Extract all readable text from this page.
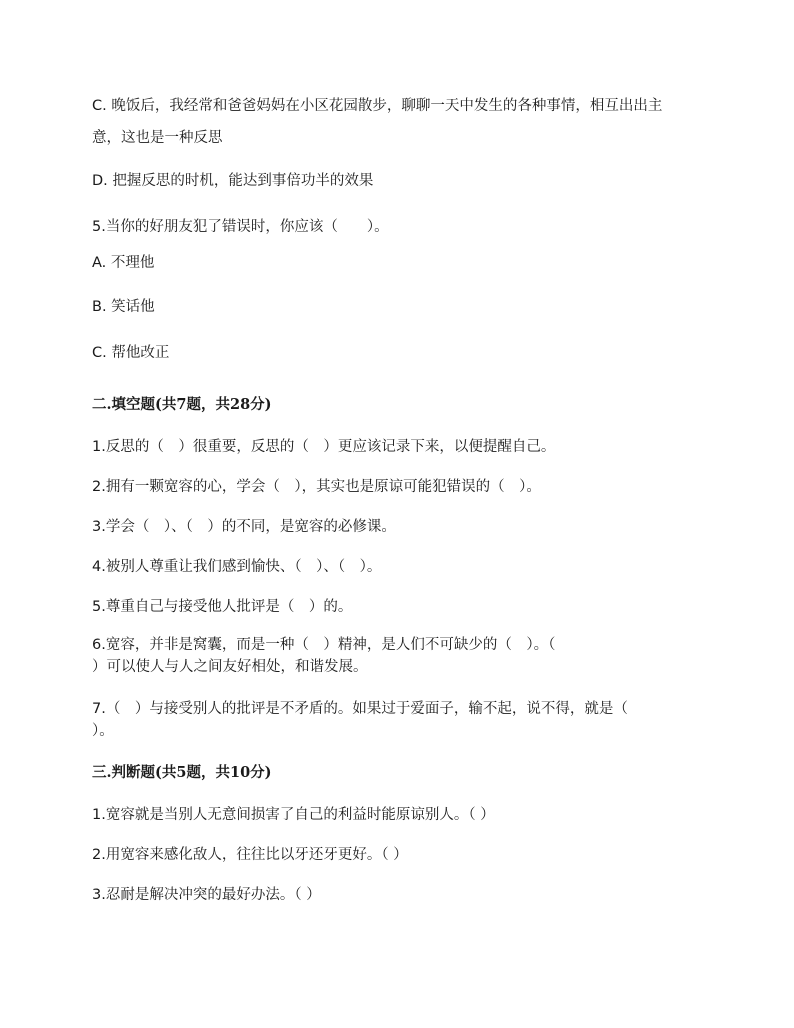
C. 晚饭后，我经常和爸爸妈妈在小区花园散步，聊聊一天中发生的各种事情，相互出出主
意，这也是一种反思
D. 把握反思的时机，能达到事倍功半的效果
5.当你的好朋友犯了错误时，你应该（　　）。
A. 不理他
B. 笑话他
C. 帮他改正
二.填空题(共7题，共28分)
1.反思的（　）很重要，反思的（　）更应该记录下来，以便提醒自己。
2.拥有一颗宽容的心，学会（　），其实也是原谅可能犯错误的（　）。
3.学会（　）、（　）的不同，是宽容的必修课。
4.被别人尊重让我们感到愉快、（　）、（　）。
5.尊重自己与接受他人批评是（　）的。
6.宽容，并非是窝囊，而是一种（　）精神，是人们不可缺少的（　）。（
）可以使人与人之间友好相处，和谐发展。
7.（　）与接受别人的批评是不矛盾的。如果过于爱面子，输不起，说不得，就是（
）。
三.判断题(共5题，共10分)
1.宽容就是当别人无意间损害了自己的利益时能原谅别人。（ ）
2.用宽容来感化敌人，往往比以牙还牙更好。（ ）
3.忍耐是解决冲突的最好办法。（ ）
